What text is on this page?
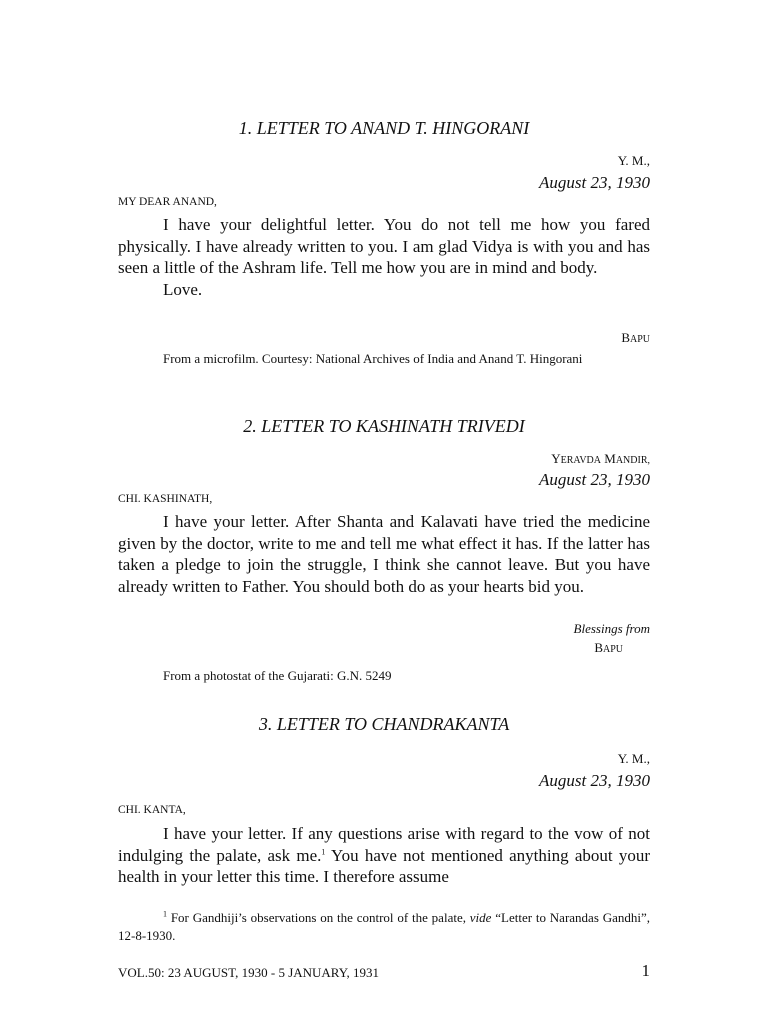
1. LETTER TO ANAND T. HINGORANI
Y. M.,
August 23, 1930
MY DEAR ANAND,

I have your delightful letter. You do not tell me how you fared physically. I have already written to you. I am glad Vidya is with you and has seen a little of the Ashram life. Tell me how you are in mind and body.

Love.

BAPU

From a microfilm. Courtesy: National Archives of India and Anand T. Hingorani

2. LETTER TO KASHINATH TRIVEDI
YERAVDA MANDIR,
August 23, 1930
CHI. KASHINATH,

I have your letter. After Shanta and Kalavati have tried the medicine given by the doctor, write to me and tell me what effect it has. If the latter has taken a pledge to join the struggle, I think she cannot leave. But you have already written to Father. You should both do as your hearts bid you.

Blessings from
BAPU

From a photostat of the Gujarati: G.N. 5249

3. LETTER TO CHANDRAKANTA
Y. M.,
August 23, 1930
CHI. KANTA,

I have your letter. If any questions arise with regard to the vow of not indulging the palate, ask me.$^1$ You have not mentioned anything about your health in your letter this time. I therefore assume

$^1$ For Gandhiji’s observations on the control of the palate, vide “Letter to Narandas Gandhi”, 12-8-1930.

VOL.50: 23 AUGUST, 1930 - 5 JANUARY, 1931	1
